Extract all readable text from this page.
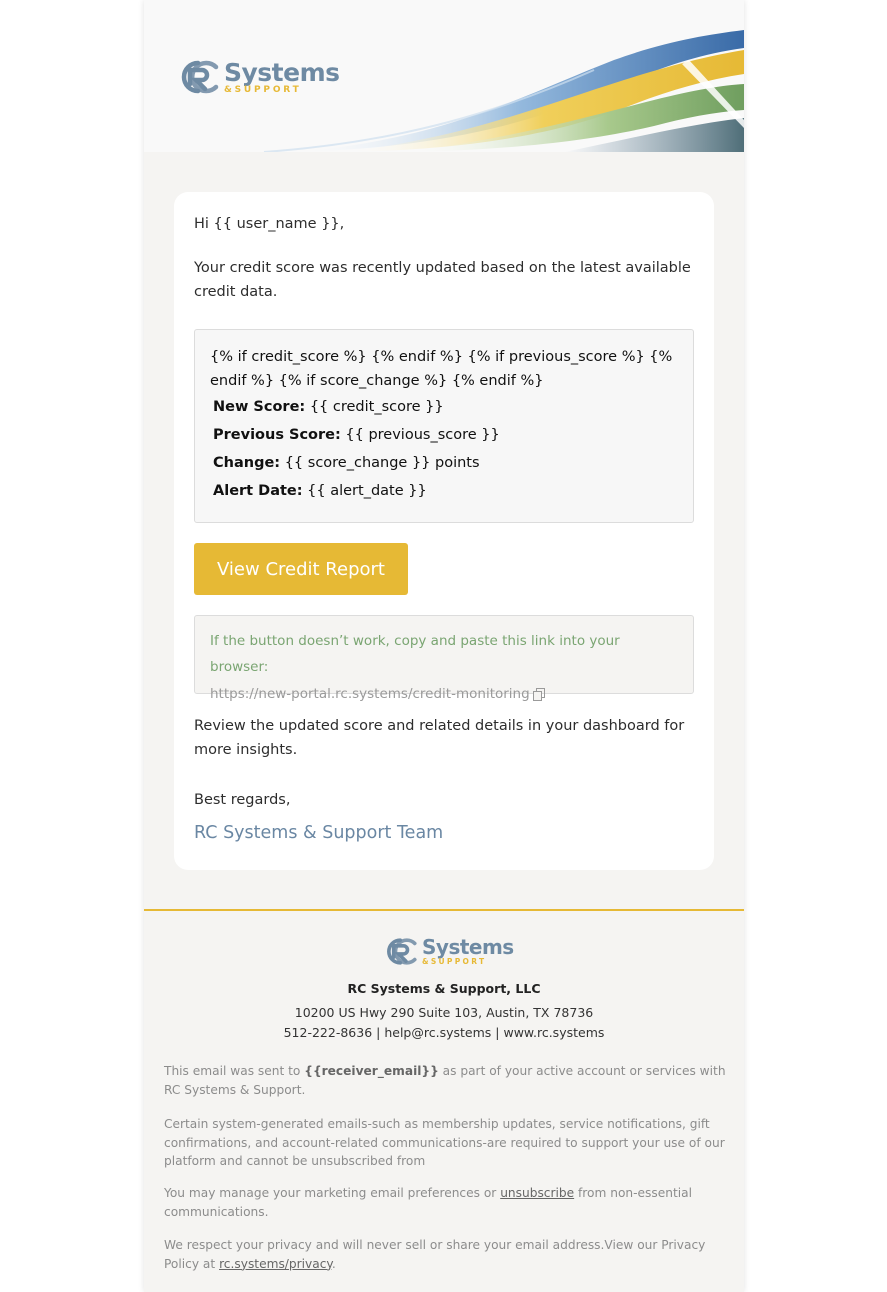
Systems
&SUPPORT
Hi {{ user_name }},
Your credit score was recently updated based on the latest available credit data.
{% if credit_score %} {% endif %} {% if previous_score %} {% endif %} {% if score_change %} {% endif %}
New Score: {{ credit_score }}
Previous Score: {{ previous_score }}
Change: {{ score_change }} points
Alert Date: {{ alert_date }}
View Credit Report
If the button doesn’t work, copy and paste this link into your browser:
https://new-portal.rc.systems/credit-monitoring
Review the updated score and related details in your dashboard for more insights.
Best regards,
RC Systems & Support Team
Systems
&SUPPORT
RC Systems & Support, LLC
10200 US Hwy 290 Suite 103, Austin, TX 78736
512-222-8636 | help@rc.systems | www.rc.systems
This email was sent to {{receiver_email}} as part of your active account or services with RC Systems & Support.
Certain system-generated emails-such as membership updates, service notifications, gift confirmations, and account-related communications-are required to support your use of our platform and cannot be unsubscribed from
You may manage your marketing email preferences or unsubscribe from non-essential communications.
We respect your privacy and will never sell or share your email address.View our Privacy Policy at rc.systems/privacy.
